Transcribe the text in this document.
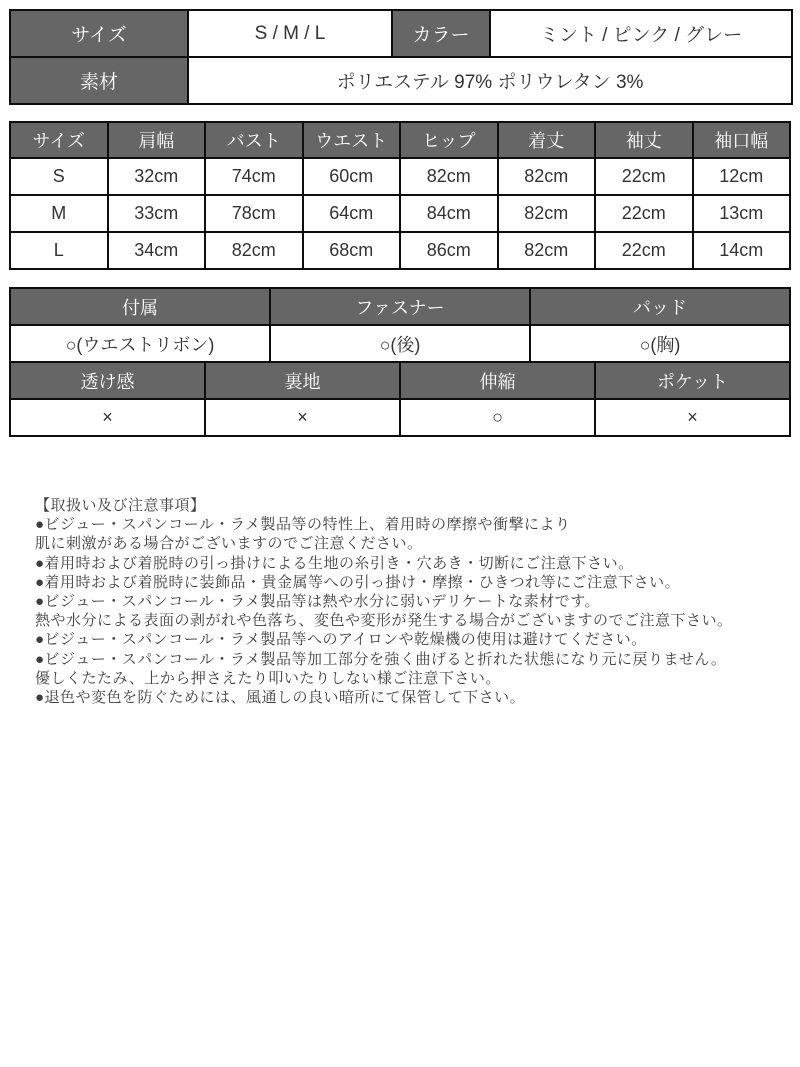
サイズ	S / M / L	カラー	ミント / ピンク / グレー
素材	ポリエステル 97% ポリウレタン 3%		
サイズ	肩幅	バスト	ウエスト	ヒップ	着丈	袖丈	袖口幅
S	32cm	74cm	60cm	82cm	82cm	22cm	12cm
M	33cm	78cm	64cm	84cm	82cm	22cm	13cm
L	34cm	82cm	68cm	86cm	82cm	22cm	14cm
付属		ファスナー		パッド	
○(ウエストリボン)		○(後)		○(胸)	
透け感	裏地		伸縮		ポケット
×	×		○		×

【取扱い及び注意事項】

●ビジュー・スパンコール・ラメ製品等の特性上、着用時の摩擦や衝撃により

肌に刺激がある場合がございますのでご注意ください。

●着用時および着脱時の引っ掛けによる生地の糸引き・穴あき・切断にご注意下さい。

●着用時および着脱時に装飾品・貴金属等への引っ掛け・摩擦・ひきつれ等にご注意下さい。

●ビジュー・スパンコール・ラメ製品等は熱や水分に弱いデリケートな素材です。

熱や水分による表面の剥がれや色落ち、変色や変形が発生する場合がございますのでご注意下さい。

●ビジュー・スパンコール・ラメ製品等へのアイロンや乾燥機の使用は避けてください。

●ビジュー・スパンコール・ラメ製品等加工部分を強く曲げると折れた状態になり元に戻りません。

優しくたたみ、上から押さえたり叩いたりしない様ご注意下さい。

●退色や変色を防ぐためには、風通しの良い暗所にて保管して下さい。
